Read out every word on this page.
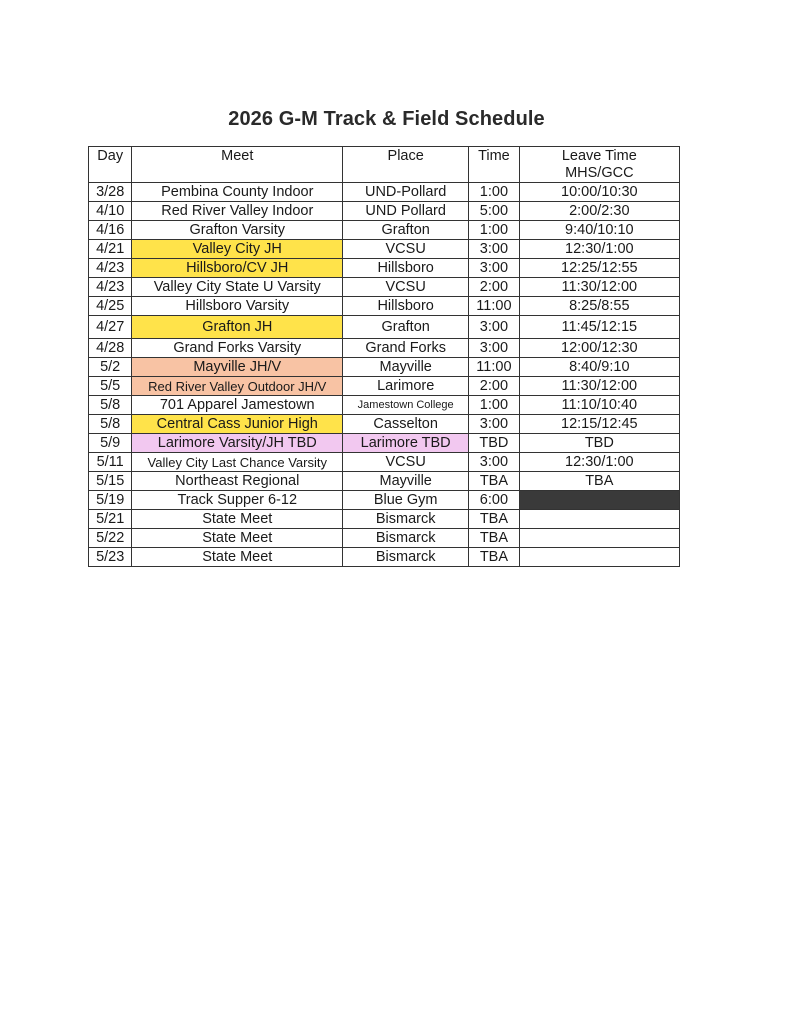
2026 G-M Track & Field Schedule
Day	Meet	Place	Time	Leave Time
MHS/GCC

3/28	Pembina County Indoor	UND-Pollard	1:00	10:00/10:30
4/10	Red River Valley Indoor	UND Pollard	5:00	2:00/2:30
4/16	Grafton Varsity	Grafton	1:00	9:40/10:10
4/21	Valley City JH	VCSU	3:00	12:30/1:00
4/23	Hillsboro/CV JH	Hillsboro	3:00	12:25/12:55
4/23	Valley City State U Varsity	VCSU	2:00	11:30/12:00
4/25	Hillsboro Varsity	Hillsboro	11:00	8:25/8:55
4/27	Grafton JH	Grafton	3:00	11:45/12:15
4/28	Grand Forks Varsity	Grand Forks	3:00	12:00/12:30
5/2	Mayville JH/V	Mayville	11:00	8:40/9:10
5/5	Red River Valley Outdoor JH/V	Larimore	2:00	11:30/12:00
5/8	701 Apparel Jamestown	Jamestown College	1:00	11:10/10:40
5/8	Central Cass Junior High	Casselton	3:00	12:15/12:45
5/9	Larimore Varsity/JH TBD	Larimore TBD	TBD	TBD
5/11	Valley City Last Chance Varsity	VCSU	3:00	12:30/1:00
5/15	Northeast Regional	Mayville	TBA	TBA
5/19	Track Supper 6-12	Blue Gym	6:00	
5/21	State Meet	Bismarck	TBA	
5/22	State Meet	Bismarck	TBA	
5/23	State Meet	Bismarck	TBA	
